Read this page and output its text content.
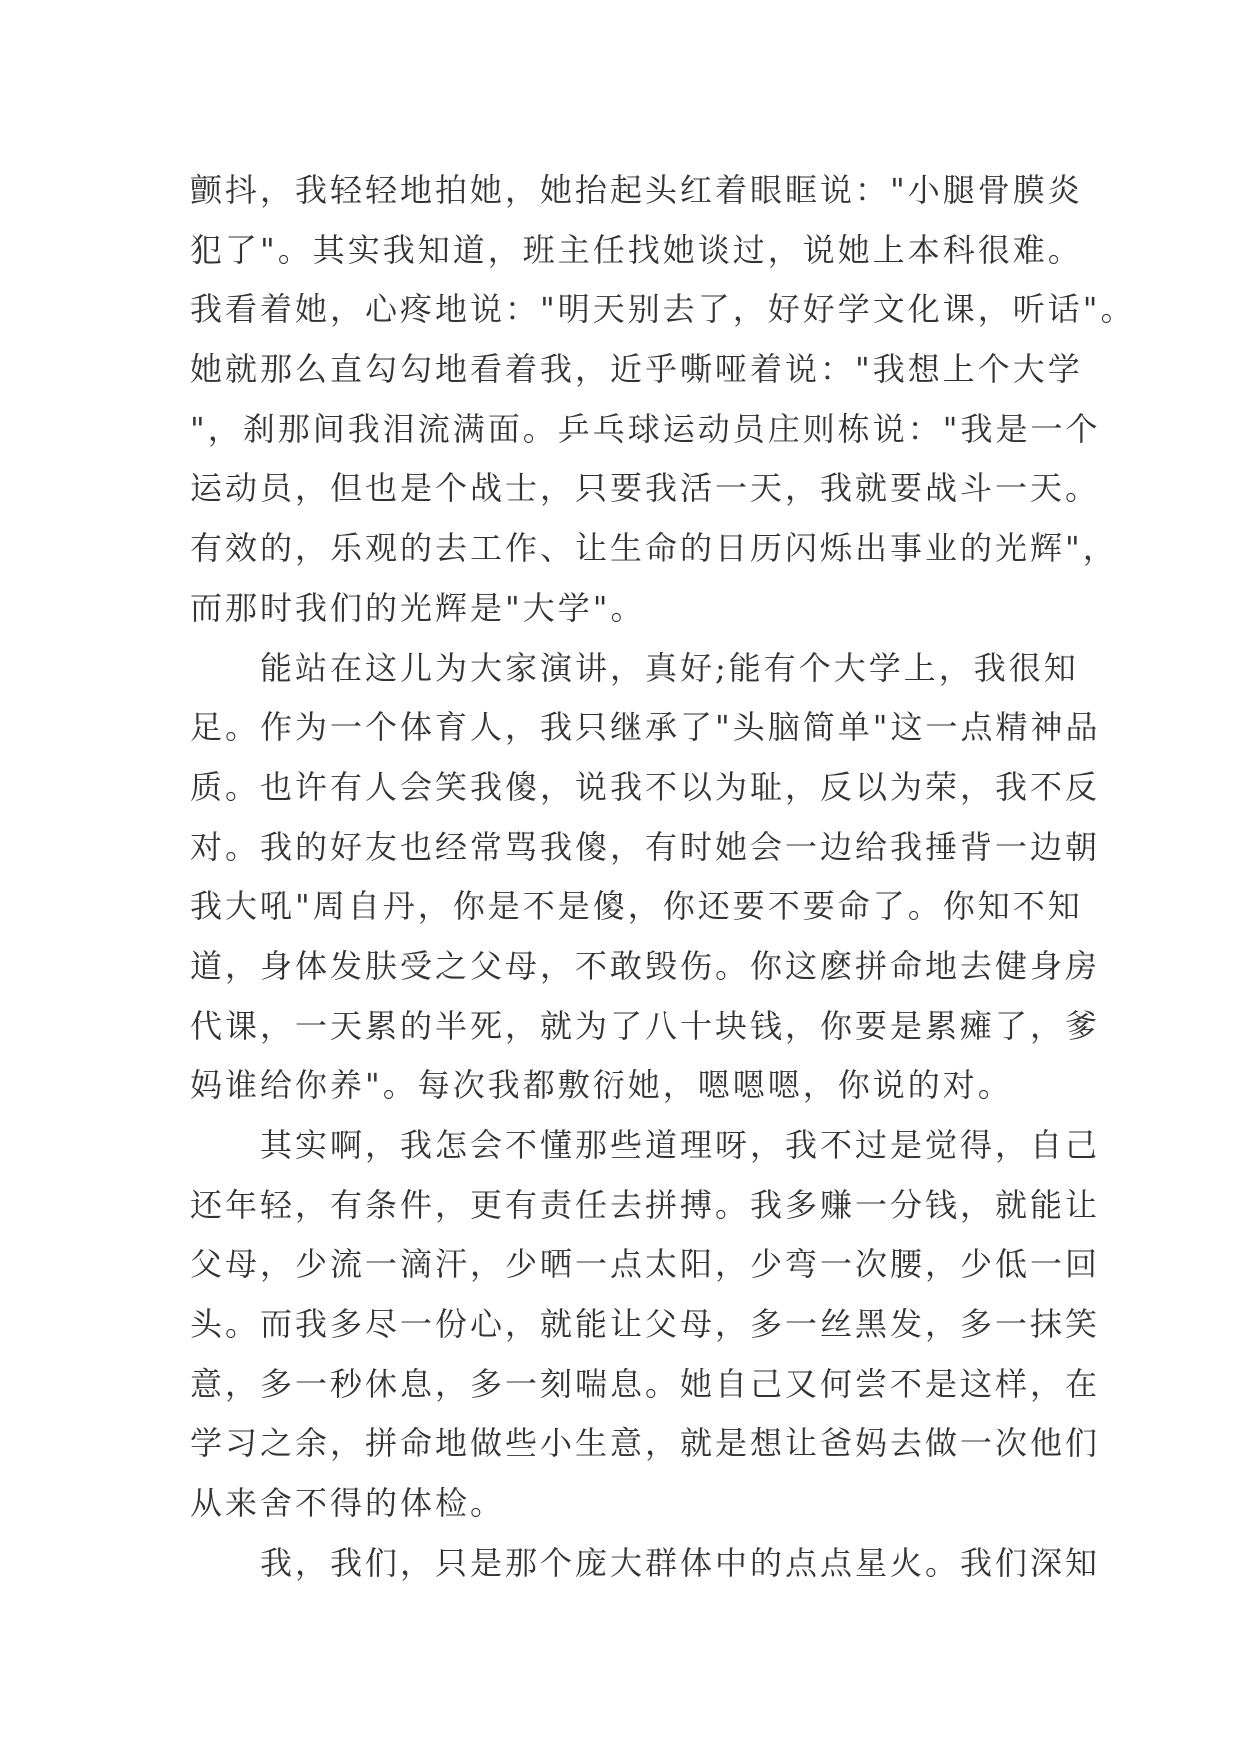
颤抖，我轻轻地拍她，她抬起头红着眼眶说："小腿骨膜炎
犯了"。其实我知道，班主任找她谈过，说她上本科很难。
我看着她，心疼地说："明天别去了，好好学文化课，听话"。
她就那么直勾勾地看着我，近乎嘶哑着说："我想上个大学
"，刹那间我泪流满面。乒乓球运动员庄则栋说："我是一个
运动员，但也是个战士，只要我活一天，我就要战斗一天。
有效的，乐观的去工作、让生命的日历闪烁出事业的光辉"，
而那时我们的光辉是"大学"。
　　能站在这儿为大家演讲，真好;能有个大学上，我很知
足。作为一个体育人，我只继承了"头脑简单"这一点精神品
质。也许有人会笑我傻，说我不以为耻，反以为荣，我不反
对。我的好友也经常骂我傻，有时她会一边给我捶背一边朝
我大吼"周自丹，你是不是傻，你还要不要命了。你知不知
道，身体发肤受之父母，不敢毁伤。你这麽拼命地去健身房
代课，一天累的半死，就为了八十块钱，你要是累瘫了，爹
妈谁给你养"。每次我都敷衍她，嗯嗯嗯，你说的对。
　　其实啊，我怎会不懂那些道理呀，我不过是觉得，自己
还年轻，有条件，更有责任去拼搏。我多赚一分钱，就能让
父母，少流一滴汗，少晒一点太阳，少弯一次腰，少低一回
头。而我多尽一份心，就能让父母，多一丝黑发，多一抹笑
意，多一秒休息，多一刻喘息。她自己又何尝不是这样，在
学习之余，拼命地做些小生意，就是想让爸妈去做一次他们
从来舍不得的体检。
　　我，我们，只是那个庞大群体中的点点星火。我们深知
